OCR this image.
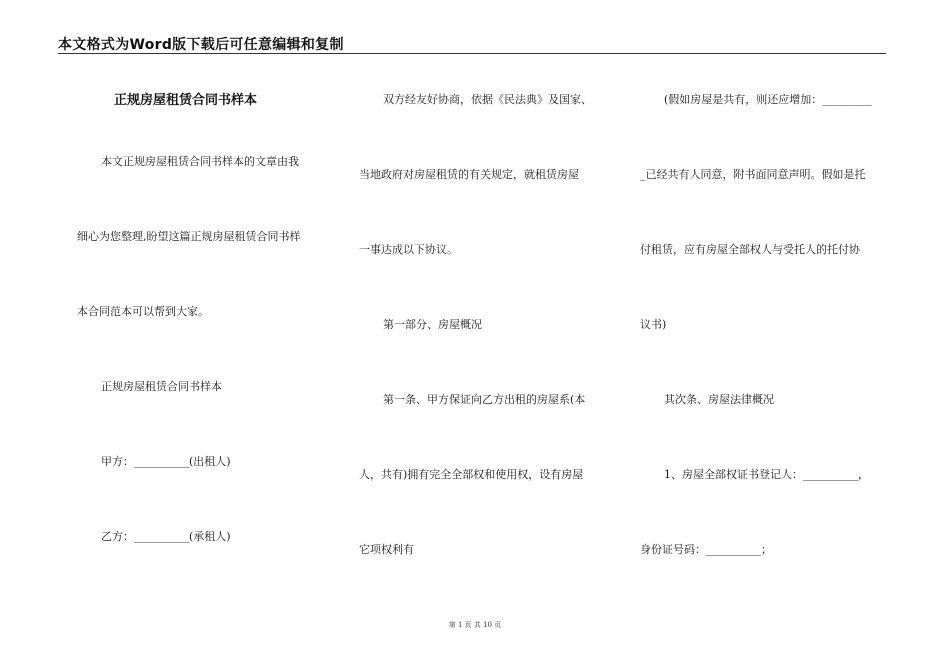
本文格式为Word版下载后可任意编辑和复制
正规房屋租赁合同书样本
本文正规房屋租赁合同书样本的文章由我
细心为您整理,盼望这篇正规房屋租赁合同书样
本合同范本可以帮到大家。
正规房屋租赁合同书样本
甲方：__________(出租人)
乙方：__________(承租人)
双方经友好协商，依据《民法典》及国家、
当地政府对房屋租赁的有关规定，就租赁房屋
一事达成以下协议。
第一部分、房屋概况
第一条、甲方保证向乙方出租的房屋系(本
人，共有)拥有完全全部权和使用权，设有房屋
它项权利有
(假如房屋是共有，则还应增加：_________
_已经共有人同意，附书面同意声明。假如是托
付租赁，应有房屋全部权人与受托人的托付协
议书)
其次条、房屋法律概况
1、房屋全部权证书登记人：__________，
身份证号码：__________；
第 1 页 共 10 页
